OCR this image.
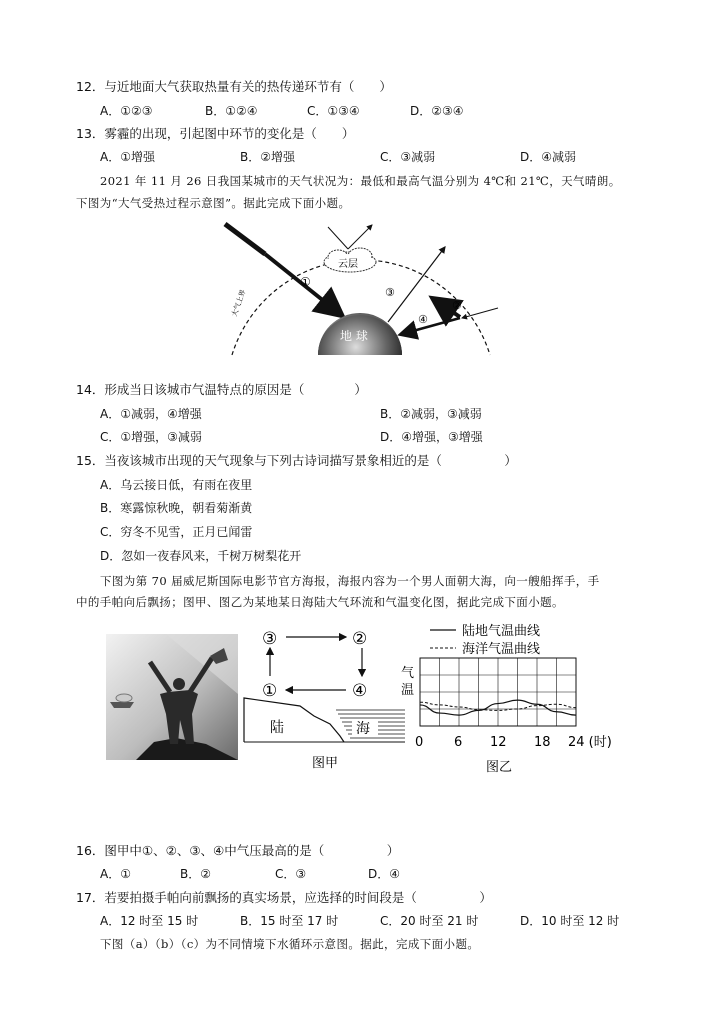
12．与近地面大气获取热量有关的热传递环节有（　　）
A．①②③	B．①②④	C．①③④	D．②③④
13．雾霾的出现，引起图中环节的变化是（　　）
A．①增强	B．②增强	C．③减弱	D．④减弱
2021 年 11 月 26 日我国某城市的天气状况为：最低和最高气温分别为 4℃和 21℃，天气晴朗。
下图为“大气受热过程示意图”。据此完成下面小题。
大气上界
①
云层
地 球
③
②
④
14．形成当日该城市气温特点的原因是（　　　　）
A．①减弱，④增强	B．②减弱，③减弱
C．①增强，③减弱	D．④增强，③增强
15．当夜该城市出现的天气现象与下列古诗词描写景象相近的是（　　　　　）
A．乌云接日低，有雨在夜里
B．寒露惊秋晚，朝看菊渐黄
C．穷冬不见雪，正月已闻雷
D．忽如一夜春风来，千树万树梨花开
下图为第 70 届威尼斯国际电影节官方海报，海报内容为一个男人面朝大海，向一艘船挥手，手
中的手帕向后飘扬；图甲、图乙为某地某日海陆大气环流和气温变化图，据此完成下面小题。
③	②
①	④
陆	海
图甲
陆地气温曲线
海洋气温曲线
气
温
0 6 12 18 24 (时)
图乙
16．图甲中①、②、③、④中气压最高的是（　　　　　）
A．①	B．②	C．③	D．④
17．若要拍摄手帕向前飘扬的真实场景，应选择的时间段是（　　　　　）
A．12 时至 15 时	B．15 时至 17 时	C．20 时至 21 时	D．10 时至 12 时
下图（a）（b）（c）为不同情境下水循环示意图。据此，完成下面小题。
